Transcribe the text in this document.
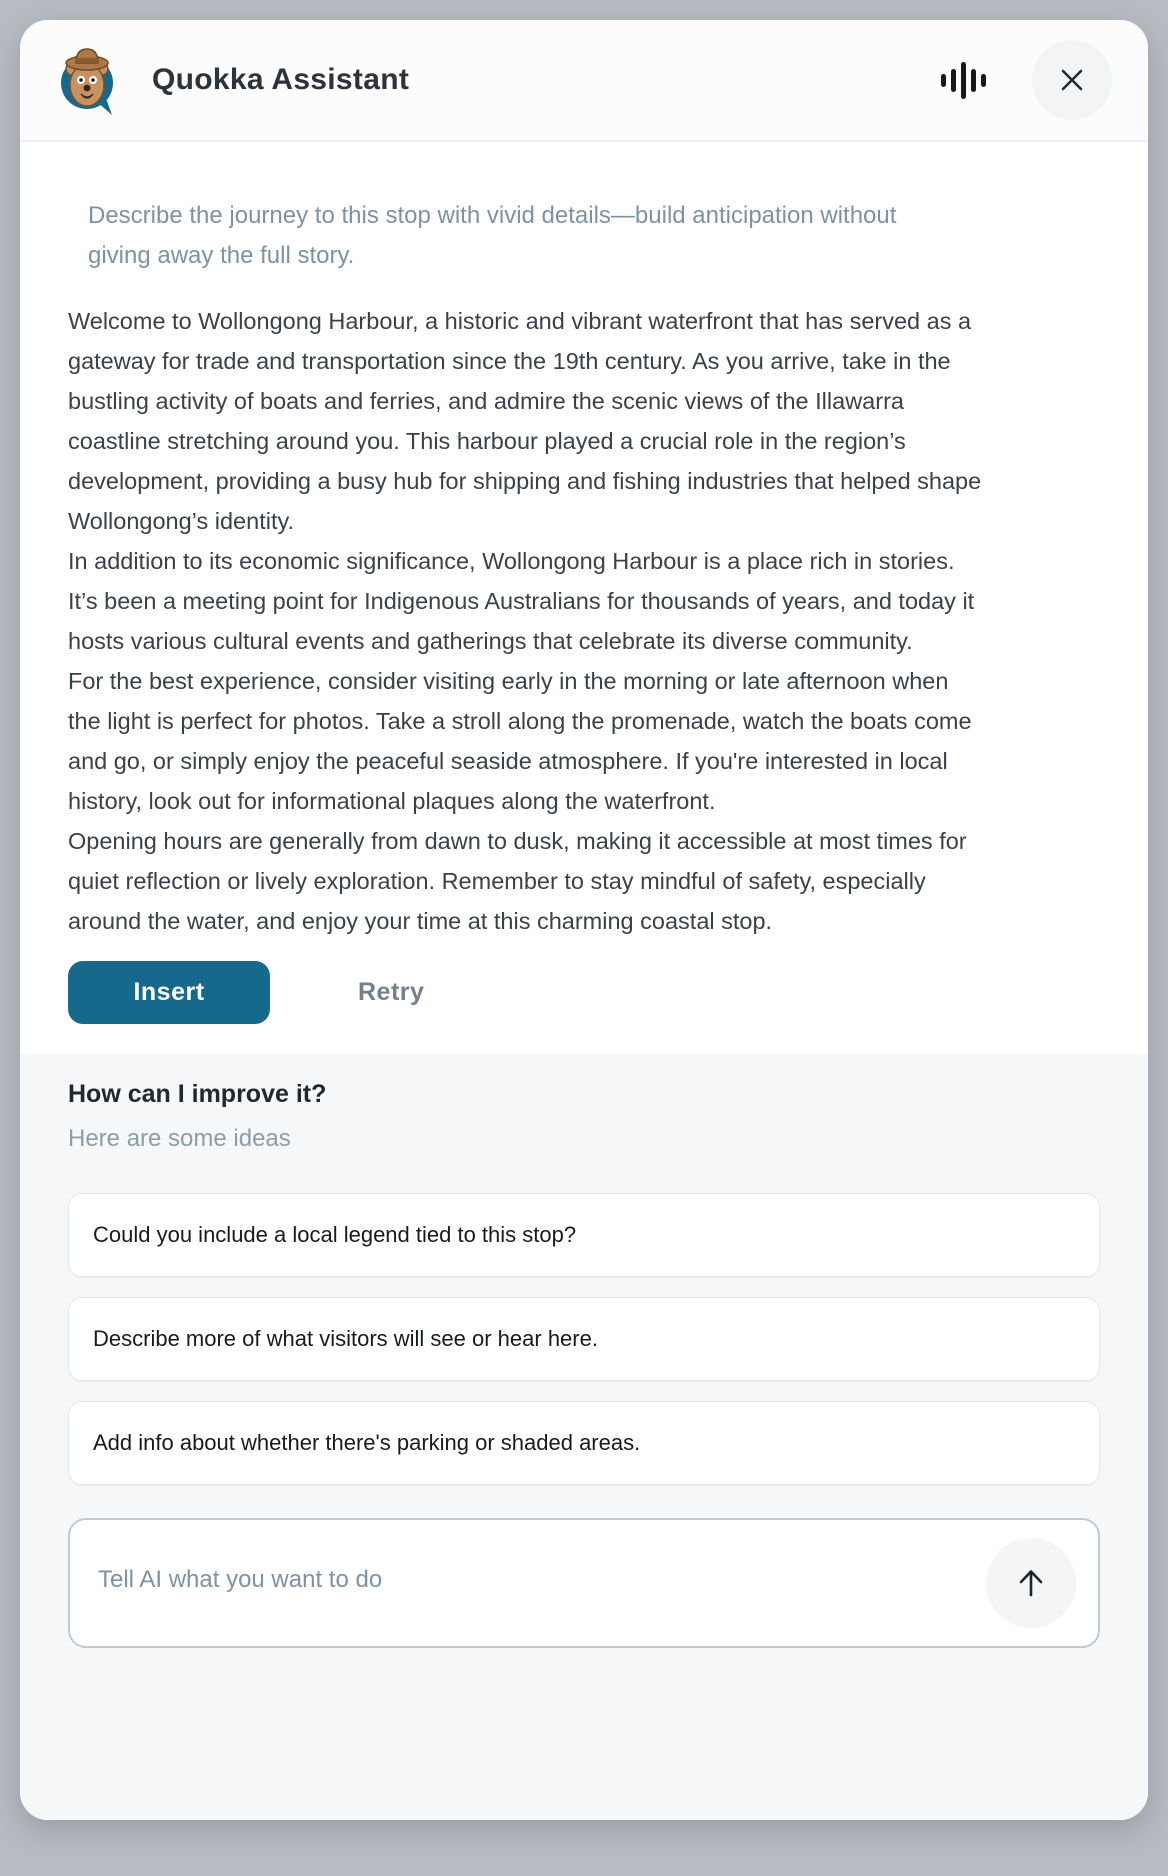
Quokka Assistant
Describe the journey to this stop with vivid details—build anticipation without giving away the full story.

Welcome to Wollongong Harbour, a historic and vibrant waterfront that has served as a gateway for trade and transportation since the 19th century. As you arrive, take in the bustling activity of boats and ferries, and admire the scenic views of the Illawarra coastline stretching around you. This harbour played a crucial role in the region’s development, providing a busy hub for shipping and fishing industries that helped shape Wollongong’s identity.

In addition to its economic significance, Wollongong Harbour is a place rich in stories. It’s been a meeting point for Indigenous Australians for thousands of years, and today it hosts various cultural events and gatherings that celebrate its diverse community.

For the best experience, consider visiting early in the morning or late afternoon when the light is perfect for photos. Take a stroll along the promenade, watch the boats come and go, or simply enjoy the peaceful seaside atmosphere. If you're interested in local history, look out for informational plaques along the waterfront.

Opening hours are generally from dawn to dusk, making it accessible at most times for quiet reflection or lively exploration. Remember to stay mindful of safety, especially around the water, and enjoy your time at this charming coastal stop.

Insert	Retry
How can I improve it?
Here are some ideas
Could you include a local legend tied to this stop?
Describe more of what visitors will see or hear here.
Add info about whether there's parking or shaded areas.
Tell AI what you want to do
